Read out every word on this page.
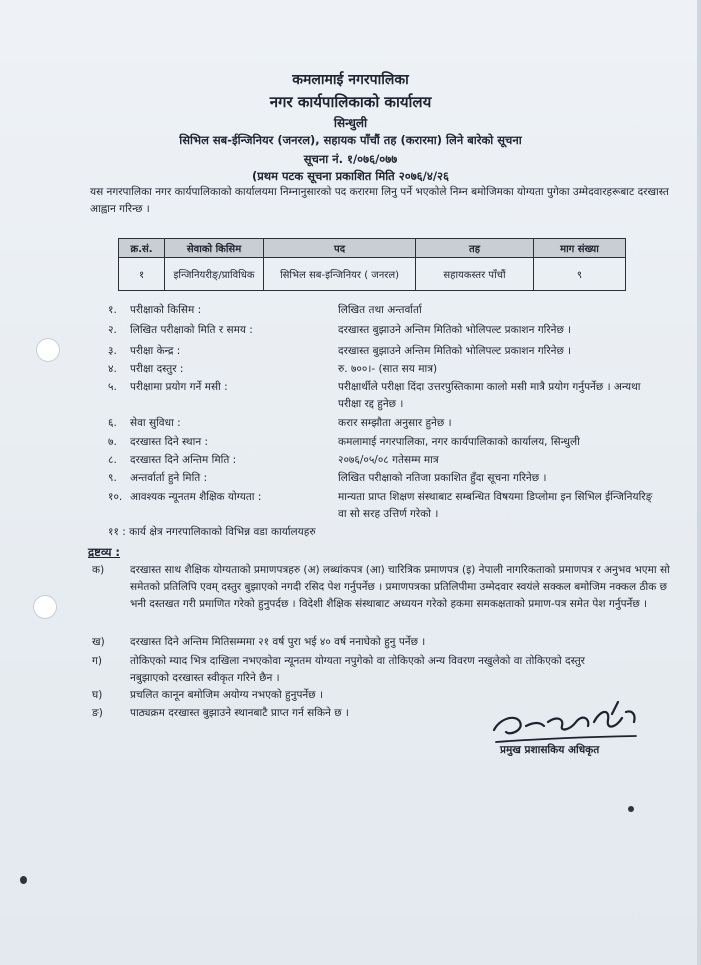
कमलामाई नगरपालिका
नगर कार्यपालिकाको कार्यालय
सिन्धुली
सिभिल सब-ईन्जिनियर (जनरल), सहायक पाँचौं तह (करारमा) लिने बारेको सूचना
सूचना नं. १/०७६/०७७
(प्रथम पटक सूचना प्रकाशित मिति २०७६/४/२६
यस नगरपालिका नगर कार्यपालिकाको कार्यालयमा निम्नानुसारको पद करारमा लिनु पर्ने भएकोले निम्न बमोजिमका योग्यता पुगेका उम्मेदवारहरूबाट दरखास्त आह्वान गरिन्छ ।
क्र.सं.	सेवाको किसिम	पद	तह	माग संख्या
१	इन्जिनियरीङ्/प्राविधिक	सिभिल सब-इन्जिनियर ( जनरल)	सहायकस्तर पाँचौं	९
१. परीक्षाको किसिम :	लिखित तथा अन्तर्वार्ता
२. लिखित परीक्षाको मिति र समय :	दरखास्त बुझाउने अन्तिम मितिको भोलिपल्ट प्रकाशन गरिनेछ ।
३. परीक्षा केन्द्र :	दरखास्त बुझाउने अन्तिम मितिको भोलिपल्ट प्रकाशन गरिनेछ ।
४. परीक्षा दस्तुर :	रु. ७००।- (सात सय मात्र)
५. परीक्षामा प्रयोग गर्ने मसी :	परीक्षार्थीले परीक्षा दिंदा उत्तरपुस्तिकामा कालो मसी मात्रै प्रयोग गर्नुपर्नेछ । अन्यथा परीक्षा रद्द हुनेछ ।
६. सेवा सुविधा :	करार सम्झौता अनुसार हुनेछ ।
७. दरखास्त दिने स्थान :	कमलामाई नगरपालिका, नगर कार्यपालिकाको कार्यालय, सिन्धुली
८. दरखास्त दिने अन्तिम मिति :	२०७६/०५/०८ गतेसम्म मात्र
९. अन्तर्वार्ता हुने मिति :	लिखित परीक्षाको नतिजा प्रकाशित हुँदा सूचना गरिनेछ ।
१०. आवश्यक न्यूनतम शैक्षिक योग्यता :	मान्यता प्राप्त शिक्षण संस्थाबाट सम्बन्धित विषयमा डिप्लोमा इन सिभिल ईन्जिनियरिङ् वा सो सरह उत्तिर्ण गरेको ।
११ : कार्य क्षेत्र नगरपालिकाको विभिन्न वडा कार्यालयहरु
द्रष्टव्य :
क) दरखास्त साथ शैक्षिक योग्यताको प्रमाणपत्रहरु (अ) लब्धांकपत्र (आ) चारित्रिक प्रमाणपत्र (इ) नेपाली नागरिकताको प्रमाणपत्र र अनुभव भएमा सो समेतको प्रतिलिपि एवम् दस्तुर बुझाएको नगदी रसिद पेश गर्नुपर्नेछ । प्रमाणपत्रका प्रतिलिपीमा उम्मेदवार स्वयंले सक्कल बमोजिम नक्कल ठीक छ भनी दस्तखत गरी प्रमाणित गरेको हुनुपर्दछ । विदेशी शैक्षिक संस्थाबाट अध्ययन गरेको हकमा समकक्षताको प्रमाण-पत्र समेत पेश गर्नुपर्नेछ ।
ख) दरखास्त दिने अन्तिम मितिसम्ममा २१ वर्ष पुरा भई ४० वर्ष ननाघेको हुनु पर्नेछ ।
ग)	तोकिएको म्याद भित्र दाखिला नभएकोवा न्यूनतम योग्यता नपुगेको वा तोकिएको अन्य विवरण नखुलेको वा तोकिएको दस्तुर नबुझाएको दरखास्त स्वीकृत गरिने छैन ।
घ)	प्रचलित कानून बमोजिम अयोग्य नभएको हुनुपर्नेछ ।
ङ)	पाठ्यक्रम दरखास्त बुझाउने स्थानबाटै प्राप्त गर्न सकिने छ ।
प्रमुख प्रशासकिय अधिकृत
